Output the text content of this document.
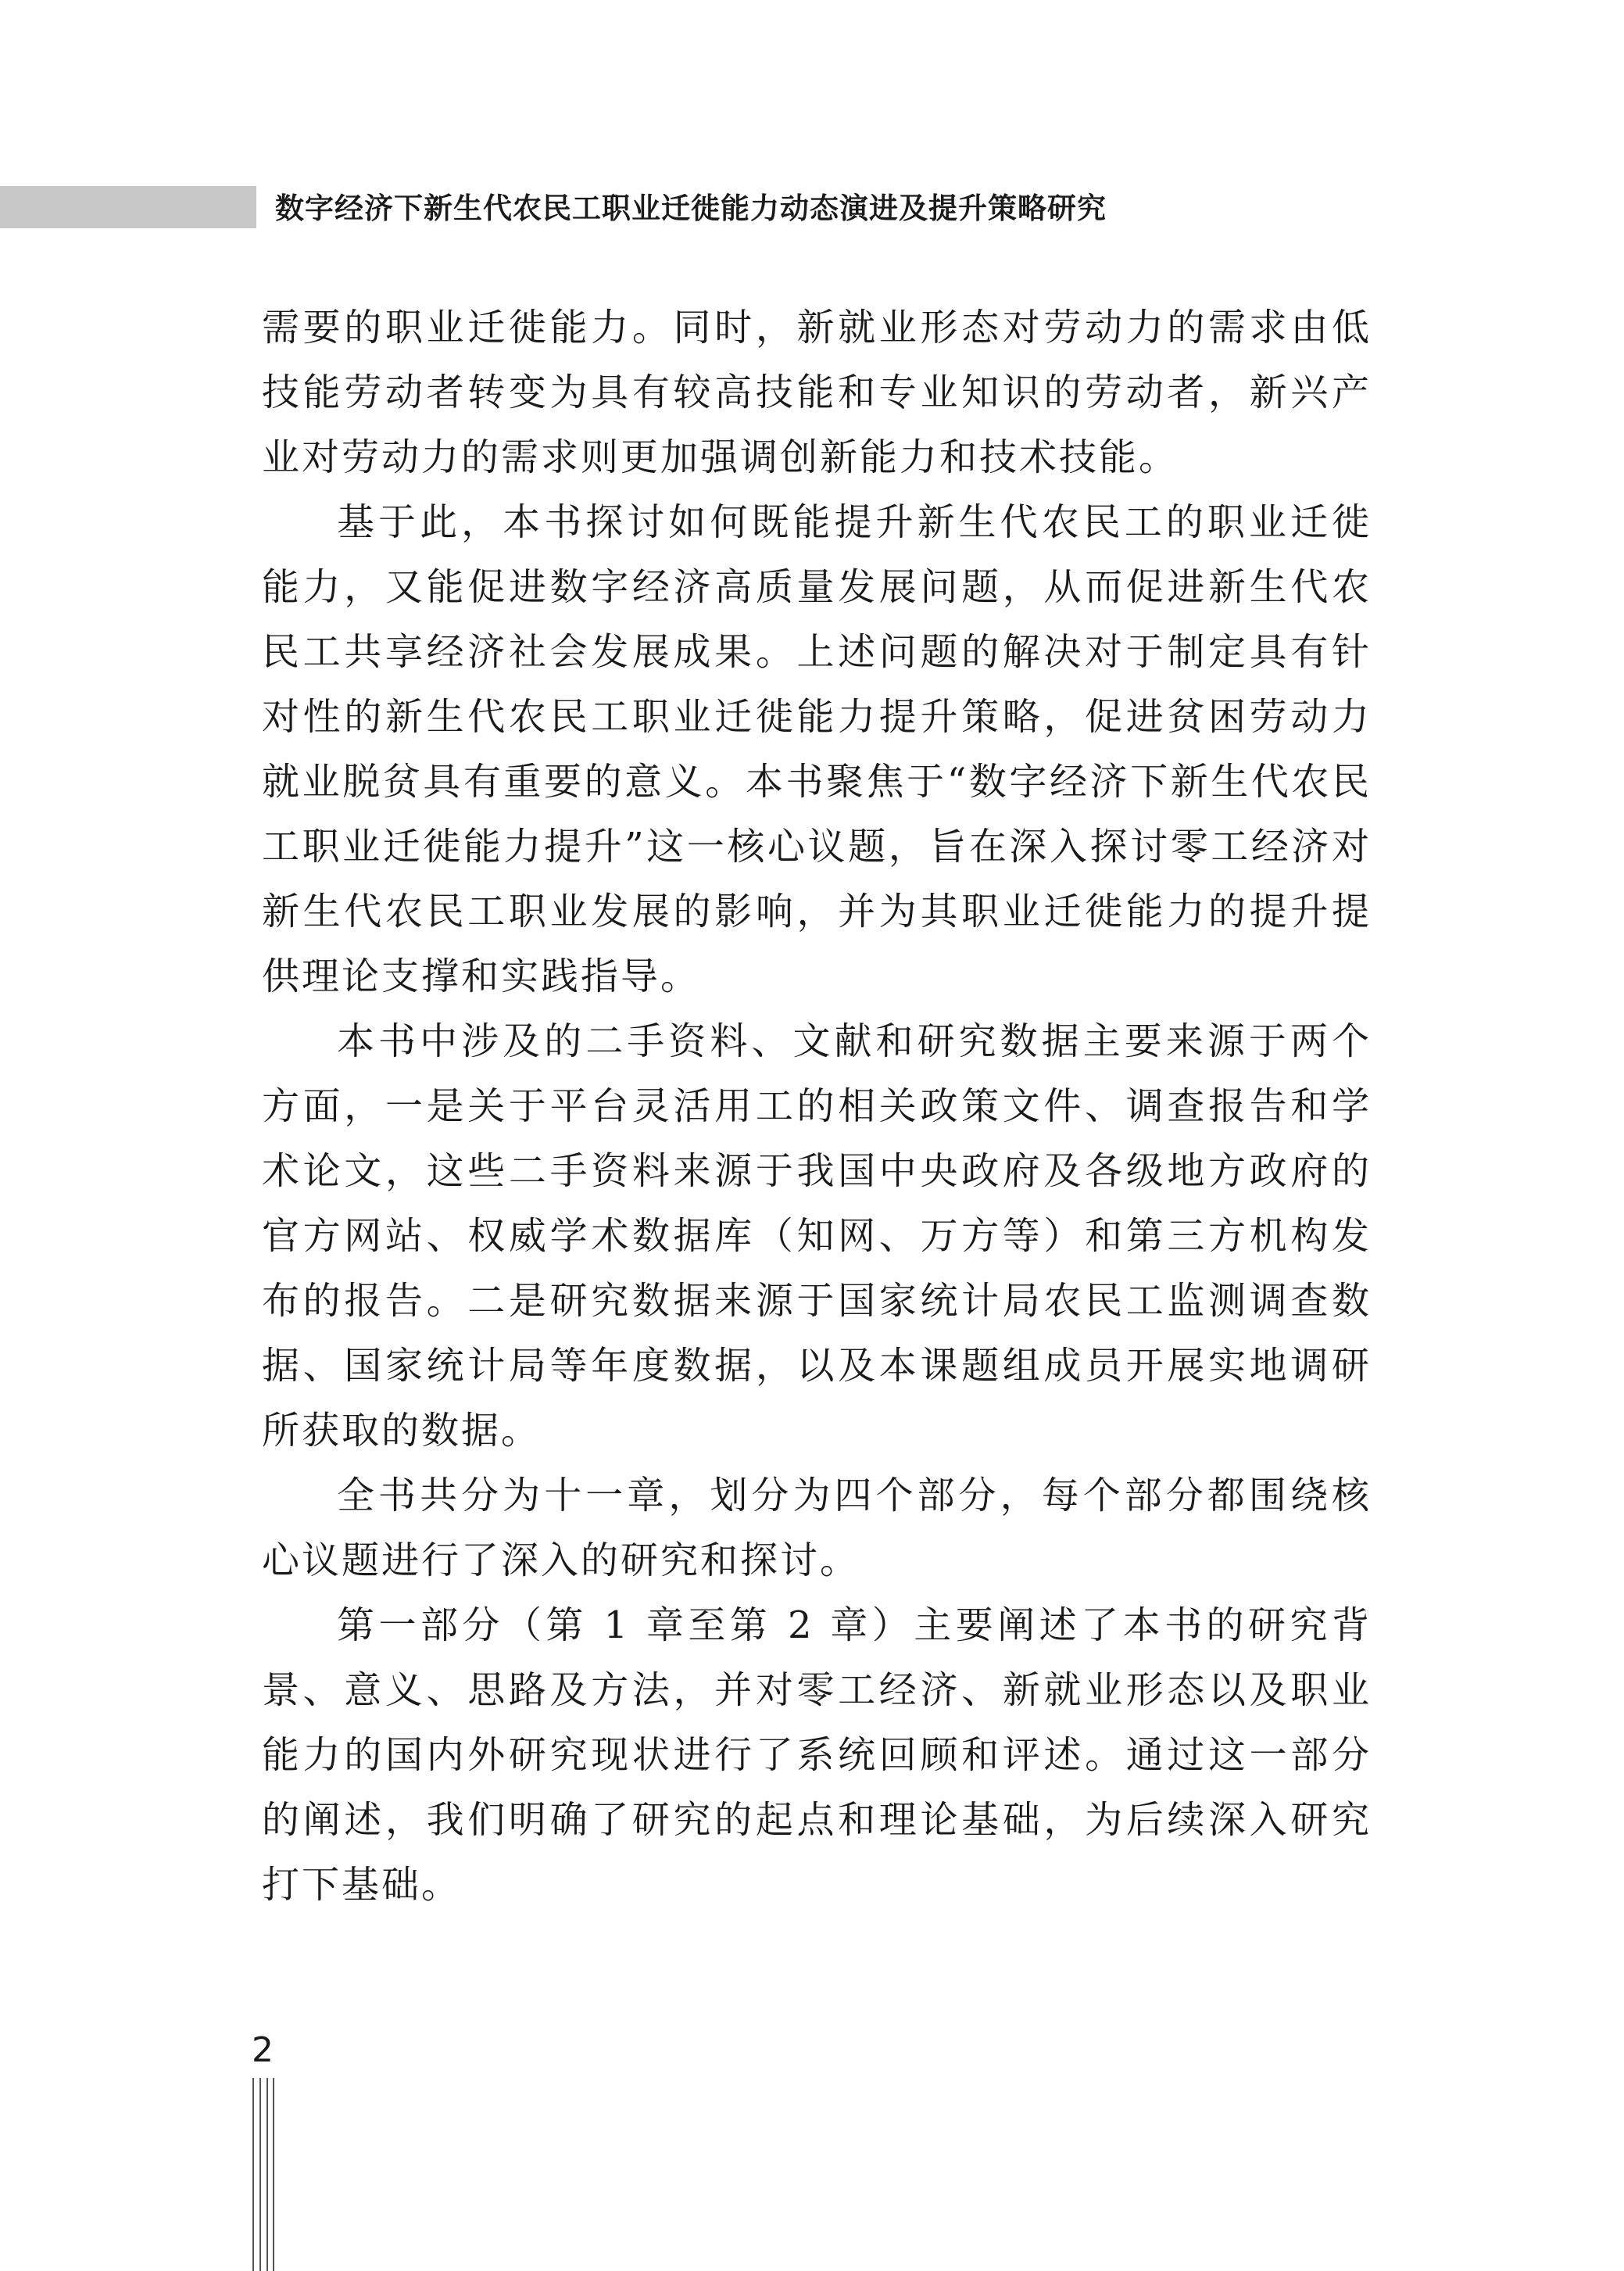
数字经济下新生代农民工职业迁徙能力动态演进及提升策略研究

需要的职业迁徙能力。同时，新就业形态对劳动力的需求由低技能劳动者转变为具有较高技能和专业知识的劳动者，新兴产业对劳动力的需求则更加强调创新能力和技术技能。

基于此，本书探讨如何既能提升新生代农民工的职业迁徙能力，又能促进数字经济高质量发展问题，从而促进新生代农民工共享经济社会发展成果。上述问题的解决对于制定具有针对性的新生代农民工职业迁徙能力提升策略，促进贫困劳动力就业脱贫具有重要的意义。本书聚焦于“数字经济下新生代农民工职业迁徙能力提升”这一核心议题，旨在深入探讨零工经济对新生代农民工职业发展的影响，并为其职业迁徙能力的提升提供理论支撑和实践指导。

本书中涉及的二手资料、文献和研究数据主要来源于两个方面，一是关于平台灵活用工的相关政策文件、调查报告和学术论文，这些二手资料来源于我国中央政府及各级地方政府的官方网站、权威学术数据库（知网、万方等）和第三方机构发布的报告。二是研究数据来源于国家统计局农民工监测调查数据、国家统计局等年度数据，以及本课题组成员开展实地调研所获取的数据。

全书共分为十一章，划分为四个部分，每个部分都围绕核心议题进行了深入的研究和探讨。

第一部分（第 1 章至第 2 章）主要阐述了本书的研究背景、意义、思路及方法，并对零工经济、新就业形态以及职业能力的国内外研究现状进行了系统回顾和评述。通过这一部分的阐述，我们明确了研究的起点和理论基础，为后续深入研究打下基础。

2
